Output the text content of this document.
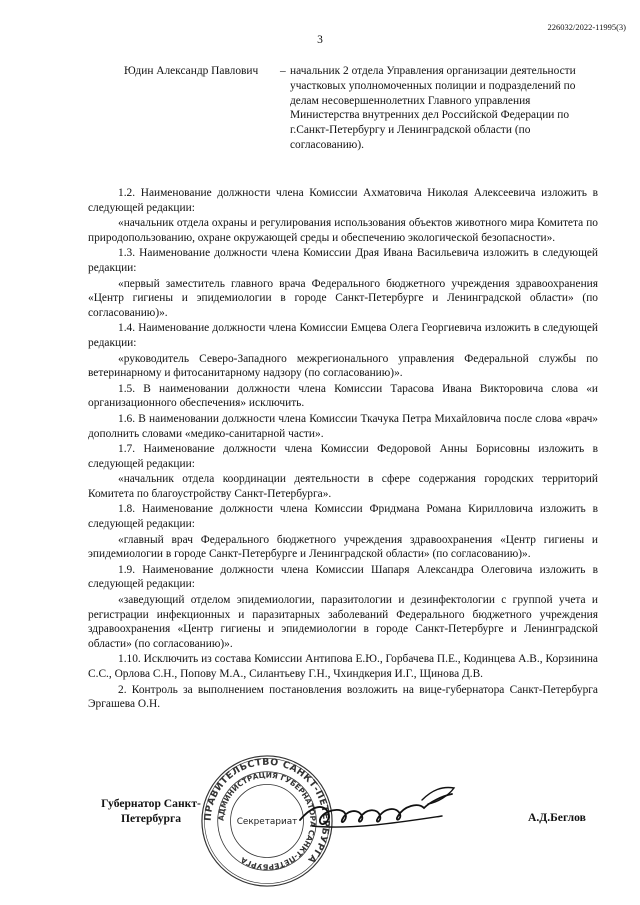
226032/2022-11995(3)
3
Юдин Александр Павлович	– начальник 2 отдела Управления организации деятельности участковых уполномоченных полиции и подразделений по делам несовершеннолетних Главного управления Министерства внутренних дел Российской Федерации по г.Санкт-Петербургу и Ленинградской области (по согласованию).

1.2. Наименование должности члена Комиссии Ахматовича Николая Алексеевича изложить в следующей редакции:

«начальник отдела охраны и регулирования использования объектов животного мира Комитета по природопользованию, охране окружающей среды и обеспечению экологической безопасности».

1.3. Наименование должности члена Комиссии Драя Ивана Васильевича изложить в следующей редакции:

«первый заместитель главного врача Федерального бюджетного учреждения здравоохранения «Центр гигиены и эпидемиологии в городе Санкт-Петербурге и Ленинградской области» (по согласованию)».

1.4. Наименование должности члена Комиссии Емцева Олега Георгиевича изложить в следующей редакции:

«руководитель Северо-Западного межрегионального управления Федеральной службы по ветеринарному и фитосанитарному надзору (по согласованию)».

1.5. В наименовании должности члена Комиссии Тарасова Ивана Викторовича слова «и организационного обеспечения» исключить.

1.6. В наименовании должности члена Комиссии Ткачука Петра Михайловича после слова «врач» дополнить словами «медико-санитарной части».

1.7. Наименование должности члена Комиссии Федоровой Анны Борисовны изложить в следующей редакции:

«начальник отдела координации деятельности в сфере содержания городских территорий Комитета по благоустройству Санкт-Петербурга».

1.8. Наименование должности члена Комиссии Фридмана Романа Кирилловича изложить в следующей редакции:

«главный врач Федерального бюджетного учреждения здравоохранения «Центр гигиены и эпидемиологии в городе Санкт-Петербурге и Ленинградской области» (по согласованию)».

1.9. Наименование должности члена Комиссии Шапаря Александра Олеговича изложить в следующей редакции:

«заведующий отделом эпидемиологии, паразитологии и дезинфектологии с группой учета и регистрации инфекционных и паразитарных заболеваний Федерального бюджетного учреждения здравоохранения «Центр гигиены и эпидемиологии в городе Санкт-Петербурге и Ленинградской области» (по согласованию)».

1.10. Исключить из состава Комиссии Антипова Е.Ю., Горбачева П.Е., Кодинцева А.В., Корзинина С.С., Орлова С.Н., Попову М.А., Силантьеву Г.Н., Чхиндкерия И.Г., Щинова Д.В.

2. Контроль за выполнением постановления возложить на вице-губернатора Санкт-Петербурга Эргашева О.Н.

Губернатор Санкт-Петербурга	А.Д.Беглов
ПРАВИТЕЛЬСТВО САНКТ-ПЕТЕРБУРГА
АДМИНИСТРАЦИЯ ГУБЕРНАТОРА САНКТ-ПЕТЕРБУРГА
Секретариат
